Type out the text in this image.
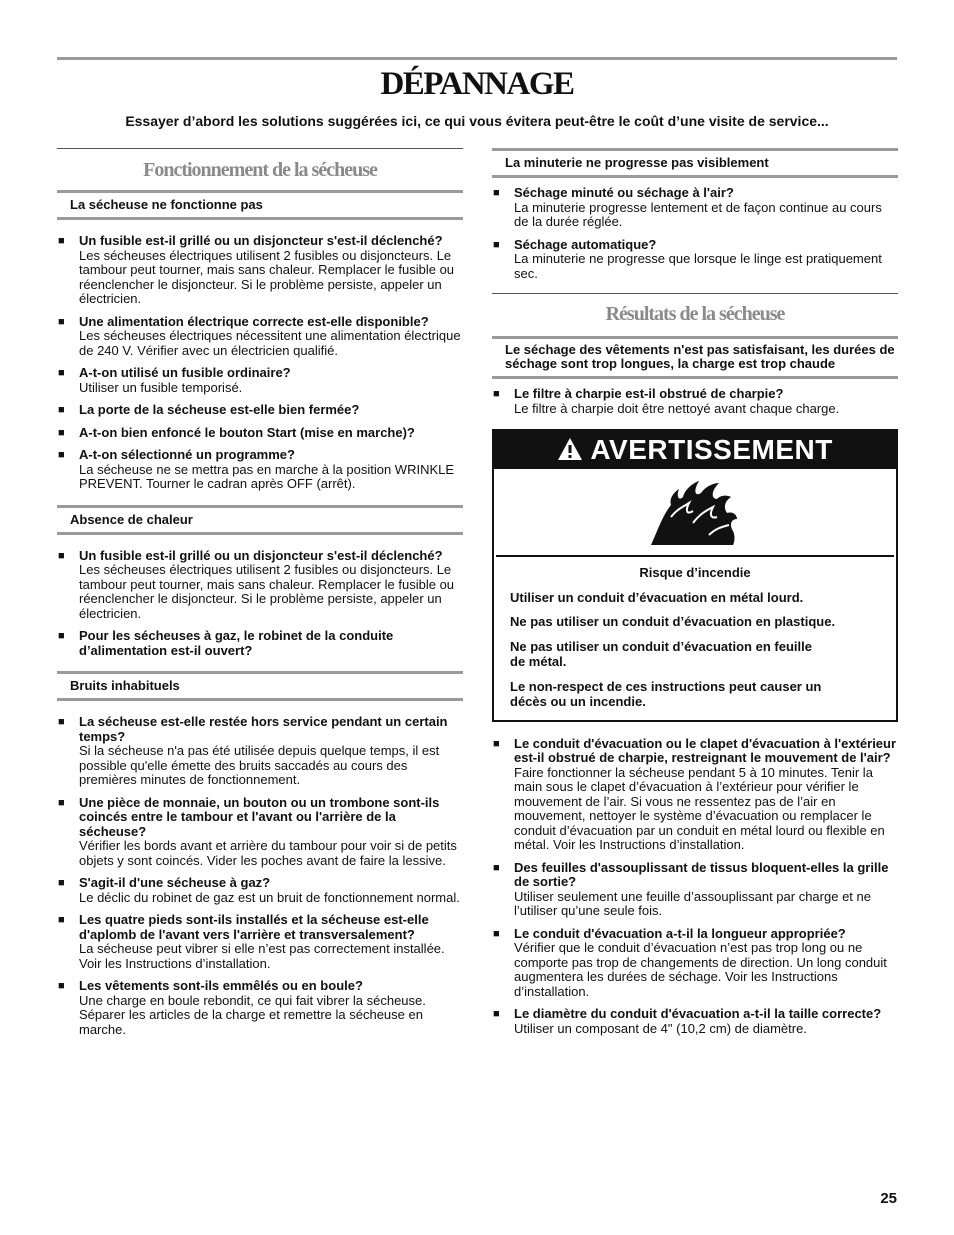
DÉPANNAGE
Essayer d’abord les solutions suggérées ici, ce qui vous évitera peut-être le coût d’une visite de service...
Fonctionnement de la sécheuse
La sécheuse ne fonctionne pas
■ Un fusible est-il grillé ou un disjoncteur s'est-il déclenché?
Les sécheuses électriques utilisent 2 fusibles ou disjoncteurs. Le tambour peut tourner, mais sans chaleur. Remplacer le fusible ou réenclencher le disjoncteur. Si le problème persiste, appeler un électricien.
■ Une alimentation électrique correcte est-elle disponible?
Les sécheuses électriques nécessitent une alimentation électrique de 240 V. Vérifier avec un électricien qualifié.
■ A-t-on utilisé un fusible ordinaire?
Utiliser un fusible temporisé.
■ La porte de la sécheuse est-elle bien fermée?
■ A-t-on bien enfoncé le bouton Start (mise en marche)?
■ A-t-on sélectionné un programme?
La sécheuse ne se mettra pas en marche à la position WRINKLE PREVENT. Tourner le cadran après OFF (arrêt).
Absence de chaleur
■ Un fusible est-il grillé ou un disjoncteur s'est-il déclenché?
Les sécheuses électriques utilisent 2 fusibles ou disjoncteurs. Le tambour peut tourner, mais sans chaleur. Remplacer le fusible ou réenclencher le disjoncteur. Si le problème persiste, appeler un électricien.
■ Pour les sécheuses à gaz, le robinet de la conduite d’alimentation est-il ouvert?
Bruits inhabituels
■ La sécheuse est-elle restée hors service pendant un certain temps?
Si la sécheuse n'a pas été utilisée depuis quelque temps, il est possible qu'elle émette des bruits saccadés au cours des premières minutes de fonctionnement.
■ Une pièce de monnaie, un bouton ou un trombone sont-ils coincés entre le tambour et l'avant ou l'arrière de la sécheuse?
Vérifier les bords avant et arrière du tambour pour voir si de petits objets y sont coincés. Vider les poches avant de faire la lessive.
■ S'agit-il d'une sécheuse à gaz?
Le déclic du robinet de gaz est un bruit de fonctionnement normal.
■ Les quatre pieds sont-ils installés et la sécheuse est-elle d'aplomb de l'avant vers l'arrière et transversalement?
La sécheuse peut vibrer si elle n’est pas correctement installée. Voir les Instructions d’installation.
■ Les vêtements sont-ils emmêlés ou en boule?
Une charge en boule rebondit, ce qui fait vibrer la sécheuse. Séparer les articles de la charge et remettre la sécheuse en marche.
La minuterie ne progresse pas visiblement
■ Séchage minuté ou séchage à l'air?
La minuterie progresse lentement et de façon continue au cours de la durée réglée.
■ Séchage automatique?
La minuterie ne progresse que lorsque le linge est pratiquement sec.
Résultats de la sécheuse
Le séchage des vêtements n'est pas satisfaisant, les durées de séchage sont trop longues, la charge est trop chaude
■ Le filtre à charpie est-il obstrué de charpie?
Le filtre à charpie doit être nettoyé avant chaque charge.
AVERTISSEMENT
Risque d’incendie

Utiliser un conduit d’évacuation en métal lourd.

Ne pas utiliser un conduit d’évacuation en plastique.

Ne pas utiliser un conduit d’évacuation en feuille de métal.

Le non-respect de ces instructions peut causer un décès ou un incendie.

■ Le conduit d'évacuation ou le clapet d'évacuation à l'extérieur est-il obstrué de charpie, restreignant le mouvement de l'air?
Faire fonctionner la sécheuse pendant 5 à 10 minutes. Tenir la main sous le clapet d’évacuation à l’extérieur pour vérifier le mouvement de l’air. Si vous ne ressentez pas de l’air en mouvement, nettoyer le système d’évacuation ou remplacer le conduit d’évacuation par un conduit en métal lourd ou flexible en métal. Voir les Instructions d’installation.
■ Des feuilles d'assouplissant de tissus bloquent-elles la grille de sortie?
Utiliser seulement une feuille d’assouplissant par charge et ne l’utiliser qu’une seule fois.
■ Le conduit d'évacuation a-t-il la longueur appropriée?
Vérifier que le conduit d’évacuation n’est pas trop long ou ne comporte pas trop de changements de direction. Un long conduit augmentera les durées de séchage. Voir les Instructions d’installation.
■ Le diamètre du conduit d'évacuation a-t-il la taille correcte?
Utiliser un composant de 4" (10,2 cm) de diamètre.
25
